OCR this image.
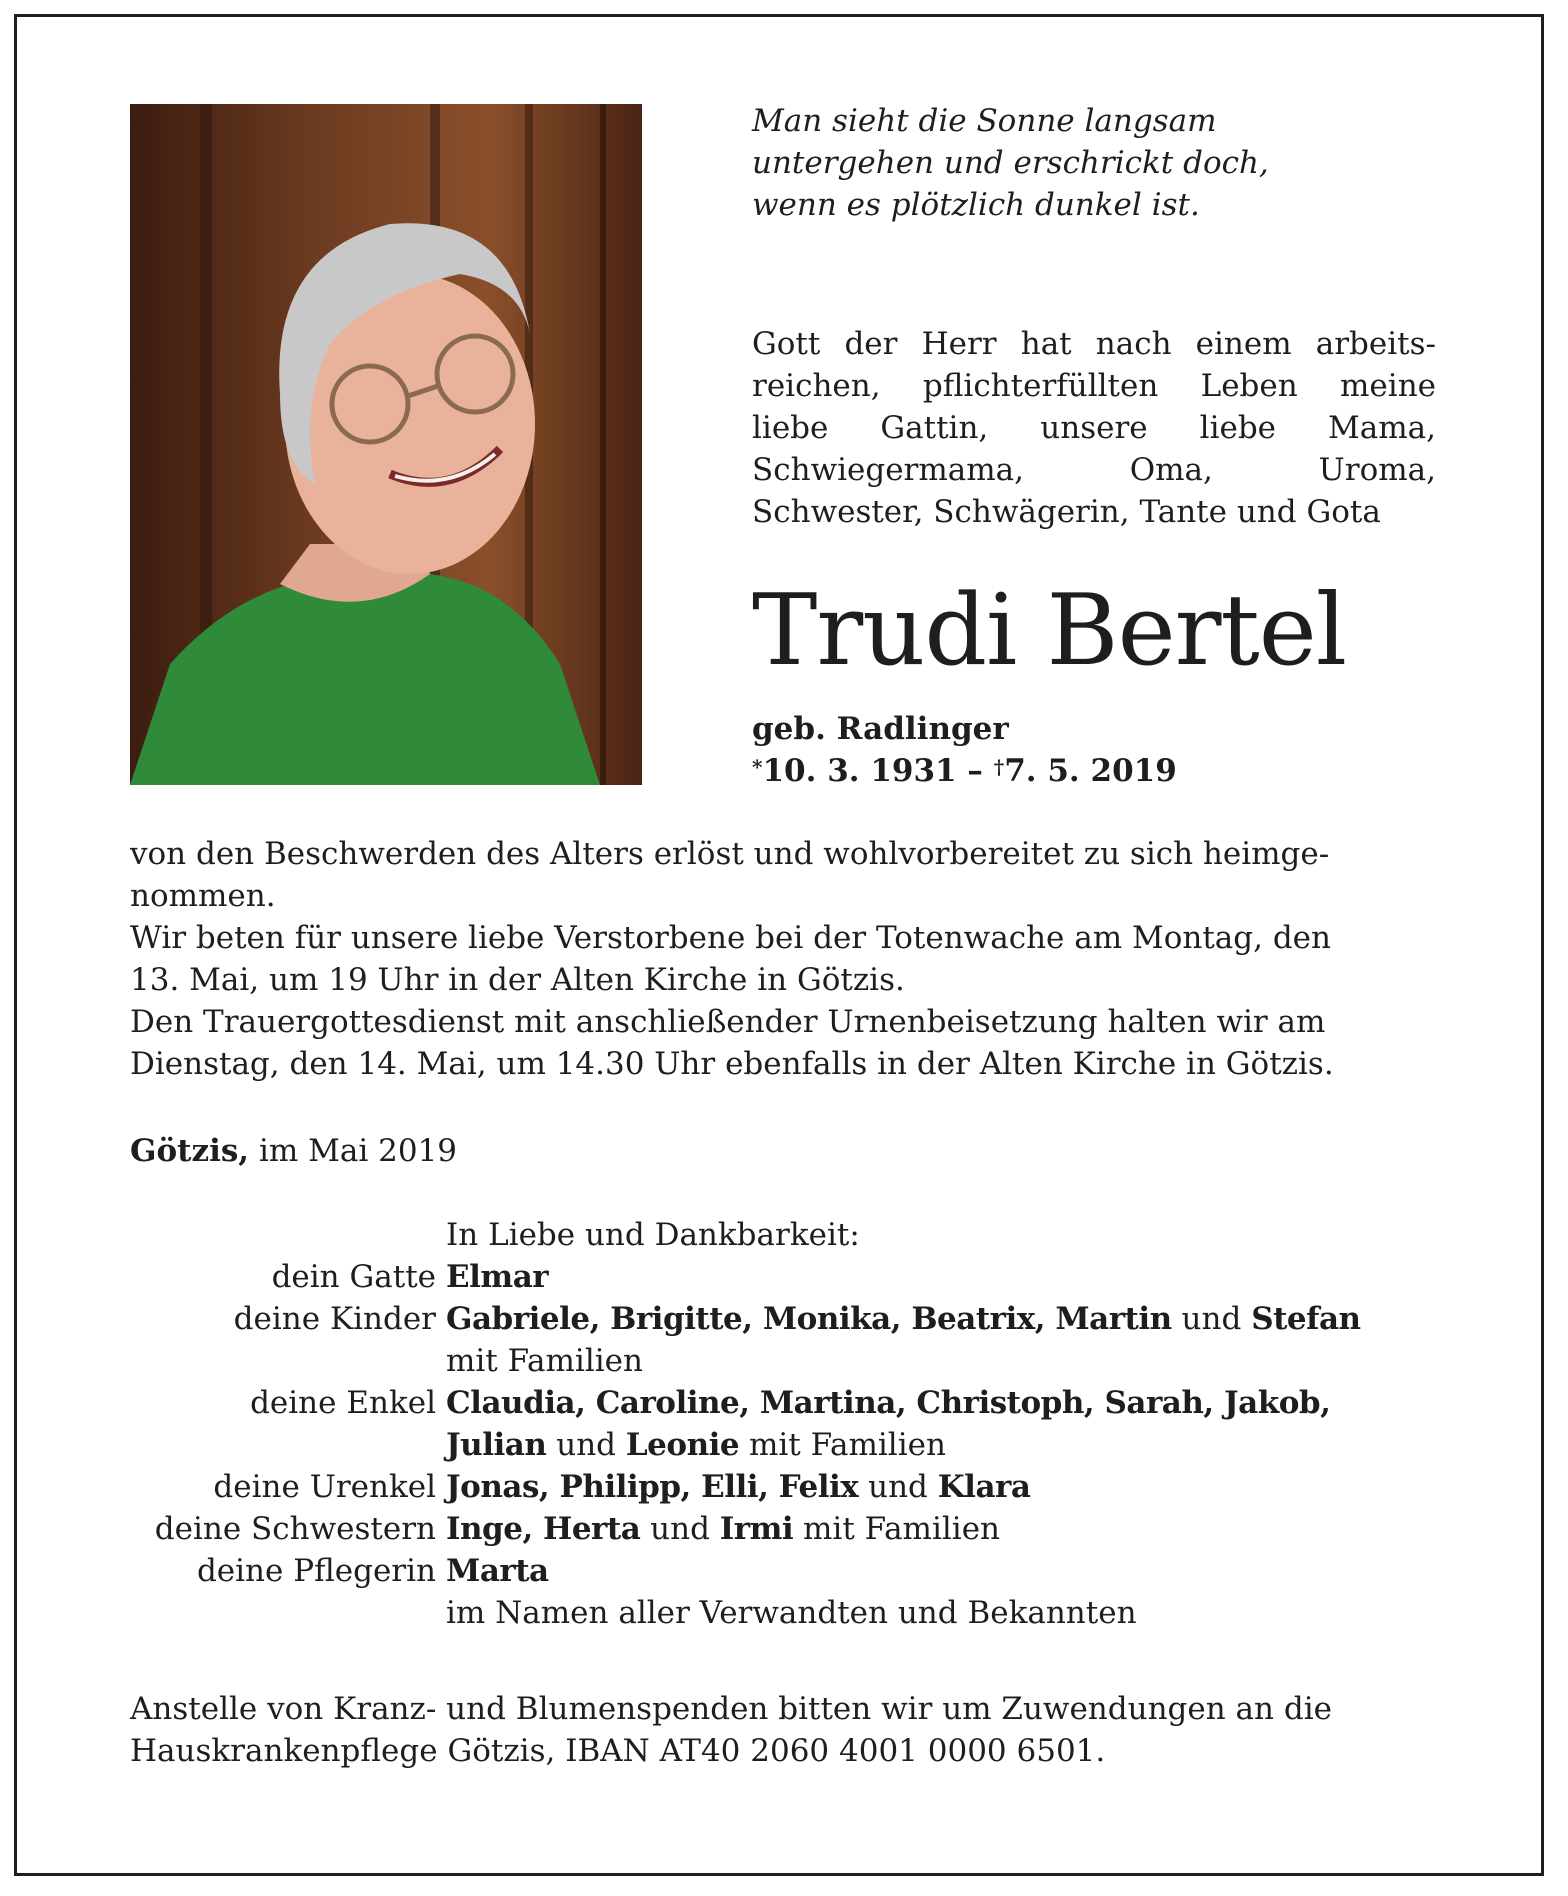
Man sieht die Sonne langsam
untergehen und erschrickt doch,
wenn es plötzlich dunkel ist.
Gott der Herr hat nach einem arbeits-
reichen, pflichterfüllten Leben meine
liebe Gattin, unsere liebe Mama,
Schwiegermama, Oma, Uroma,
Schwester, Schwägerin, Tante und Gota
Trudi Bertel
geb. Radlinger
*10. 3. 1931 – †7. 5. 2019
von den Beschwerden des Alters erlöst und wohlvorbereitet zu sich heimge-
nommen.
Wir beten für unsere liebe Verstorbene bei der Totenwache am Montag, den
13. Mai, um 19 Uhr in der Alten Kirche in Götzis.
Den Trauergottesdienst mit anschließender Urnenbeisetzung halten wir am
Dienstag, den 14. Mai, um 14.30 Uhr ebenfalls in der Alten Kirche in Götzis.
Götzis, im Mai 2019
In Liebe und Dankbarkeit:
dein Gatte Elmar
deine Kinder Gabriele, Brigitte, Monika, Beatrix, Martin und Stefan
mit Familien
deine Enkel Claudia, Caroline, Martina, Christoph, Sarah, Jakob,
Julian und Leonie mit Familien
deine Urenkel Jonas, Philipp, Elli, Felix und Klara
deine Schwestern Inge, Herta und Irmi mit Familien
deine Pflegerin Marta
im Namen aller Verwandten und Bekannten
Anstelle von Kranz- und Blumenspenden bitten wir um Zuwendungen an die
Hauskrankenpflege Götzis, IBAN AT40 2060 4001 0000 6501.
